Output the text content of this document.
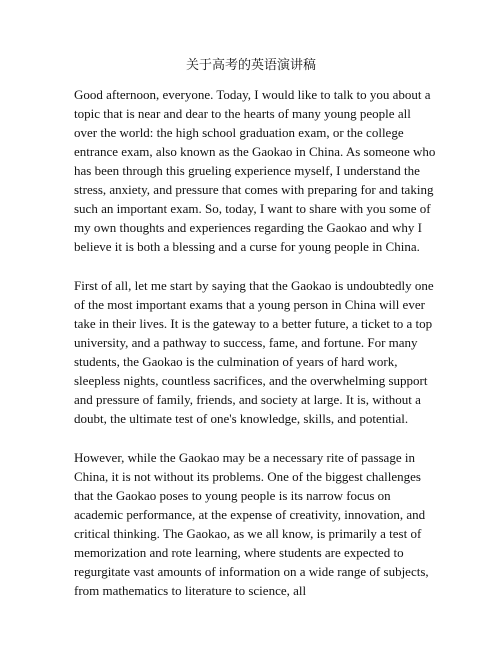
关于高考的英语演讲稿

Good afternoon, everyone. Today, I would like to talk to you about a topic that is near and dear to the hearts of many young people all over the world: the high school graduation exam, or the college entrance exam, also known as the Gaokao in China. As someone who has been through this grueling experience myself, I understand the stress, anxiety, and pressure that comes with preparing for and taking such an important exam. So, today, I want to share with you some of my own thoughts and experiences regarding the Gaokao and why I believe it is both a blessing and a curse for young people in China.

First of all, let me start by saying that the Gaokao is undoubtedly one of the most important exams that a young person in China will ever take in their lives. It is the gateway to a better future, a ticket to a top university, and a pathway to success, fame, and fortune. For many students, the Gaokao is the culmination of years of hard work, sleepless nights, countless sacrifices, and the overwhelming support and pressure of family, friends, and society at large. It is, without a doubt, the ultimate test of one's knowledge, skills, and potential.

However, while the Gaokao may be a necessary rite of passage in China, it is not without its problems. One of the biggest challenges that the Gaokao poses to young people is its narrow focus on academic performance, at the expense of creativity, innovation, and critical thinking. The Gaokao, as we all know, is primarily a test of memorization and rote learning, where students are expected to regurgitate vast amounts of information on a wide range of subjects, from mathematics to literature to science, all
